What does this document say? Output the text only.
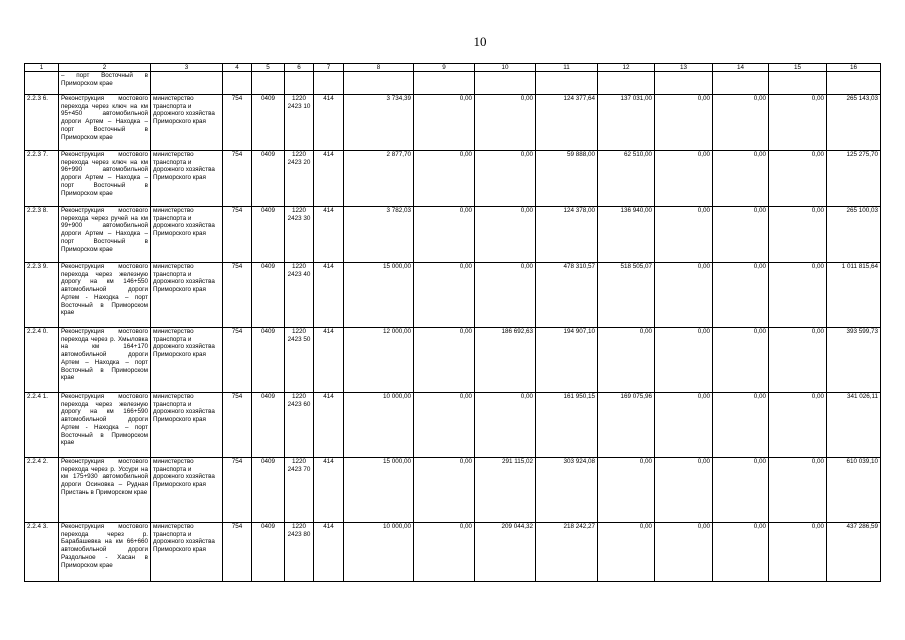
10
1	2	3	4	5	6	7	8	9	10	11	12	13	14	15	16
	– порт Восточный в Приморском крае														
2.2.3 6.	Реконструкция мостового перехода через ключ на км 95+450 автомобильной дороги Артем – Находка – порт Восточный в Приморском крае	министерство транспорта и дорожного хозяйства Приморского края	754	0409	1220 2423 10	414	3 734,39	0,00	0,00	124 377,64	137 031,00	0,00	0,00	0,00	265 143,03
2.2.3 7.	Реконструкция мостового перехода через ключ на км 96+990 автомобильной дороги Артем – Находка – порт Восточный в Приморском крае	министерство транспорта и дорожного хозяйства Приморского края	754	0409	1220 2423 20	414	2 877,70	0,00	0,00	59 888,00	62 510,00	0,00	0,00	0,00	125 275,70
2.2.3 8.	Реконструкция мостового перехода через ручей на км 99+900 автомобильной дороги Артем – Находка – порт Восточный в Приморском крае	министерство транспорта и дорожного хозяйства Приморского края	754	0409	1220 2423 30	414	3 782,03	0,00	0,00	124 378,00	136 940,00	0,00	0,00	0,00	265 100,03
2.2.3 9.	Реконструкция мостового перехода через железную дорогу на км 146+550 автомобильной дороги Артем - Находка – порт Восточный в Приморском крае	министерство транспорта и дорожного хозяйства Приморского края	754	0409	1220 2423 40	414	15 000,00	0,00	0,00	478 310,57	518 505,07	0,00	0,00	0,00	1 011 815,64
2.2.4 0.	Реконструкция мостового перехода через р. Хмыловка на км 164+170 автомобильной дороги Артем – Находка – порт Восточный в Приморском крае	министерство транспорта и дорожного хозяйства Приморского края	754	0409	1220 2423 50	414	12 000,00	0,00	186 692,63	194 907,10	0,00	0,00	0,00	0,00	393 599,73
2.2.4 1.	Реконструкция мостового перехода через железную дорогу на км 166+590 автомобильной дороги Артем - Находка – порт Восточный в Приморском крае	министерство транспорта и дорожного хозяйства Приморского края	754	0409	1220 2423 60	414	10 000,00	0,00	0,00	161 950,15	169 075,96	0,00	0,00	0,00	341 026,11
2.2.4 2.	Реконструкция мостового перехода через р. Уссури на км 175+930 автомобильной дороги Осиновка – Рудная Пристань в Приморском крае	министерство транспорта и дорожного хозяйства Приморского края	754	0409	1220 2423 70	414	15 000,00	0,00	291 115,02	303 924,08	0,00	0,00	0,00	0,00	610 039,10
2.2.4 3.	Реконструкция мостового перехода через р. Барабашевка на км 66+660 автомобильной дороги Раздольное - Хасан в Приморском крае	министерство транспорта и дорожного хозяйства Приморского края	754	0409	1220 2423 80	414	10 000,00	0,00	209 044,32	218 242,27	0,00	0,00	0,00	0,00	437 286,59
